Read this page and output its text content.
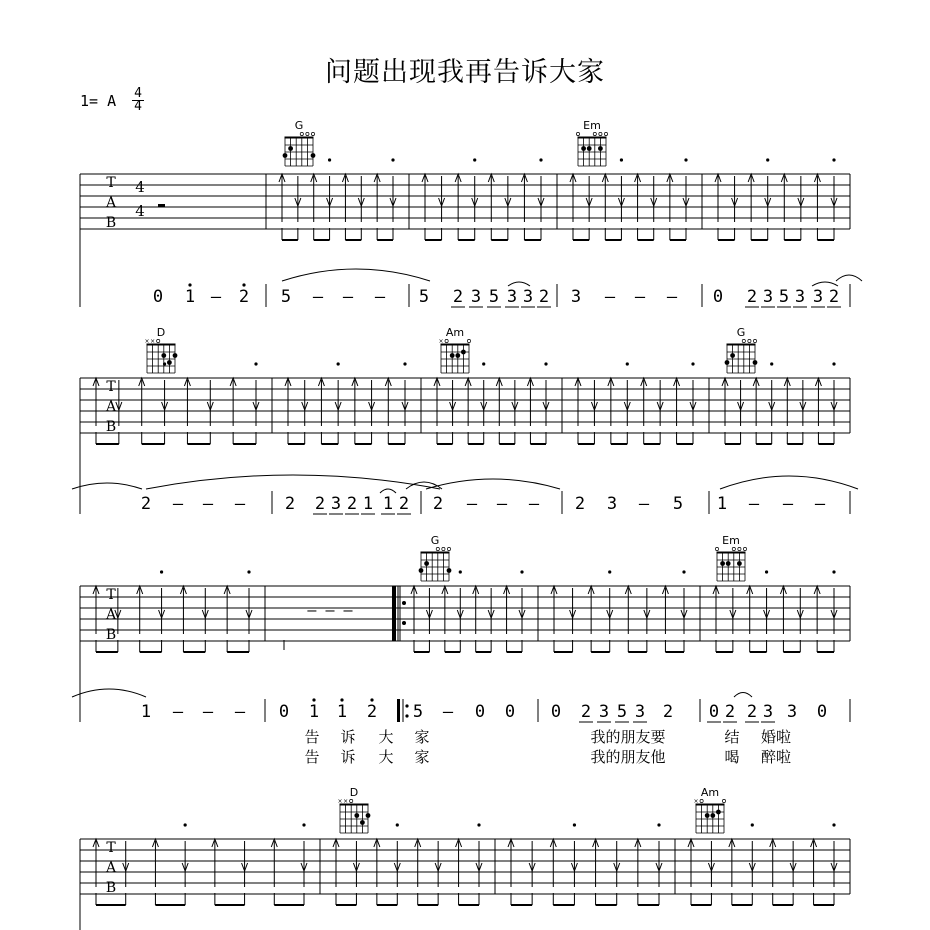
问题出现我再告诉大家
1= A 4
4
T
A
B
T
A
B
T
A
B
T
A
B
4
4
– – –
G	Em
D
× ×
Am
×
G
G	Em
D
× ×
Am
×
0 1 – 2 5 – – – 5 2 3 5 3 3 2 3 – – – 0 2 3 5 3 3 2
2 – – – 2 2 3 2 1 1 2 2 – – – 2 3 – 5 1 – – –
1 – – – 0 1 1 2 5 – 0 0 0 2 3 5 3 2 0 2 2 3 3 0
告 诉 大 家	我的朋友要	结 婚啦
告 诉 大 家	我的朋友他	喝 醉啦
